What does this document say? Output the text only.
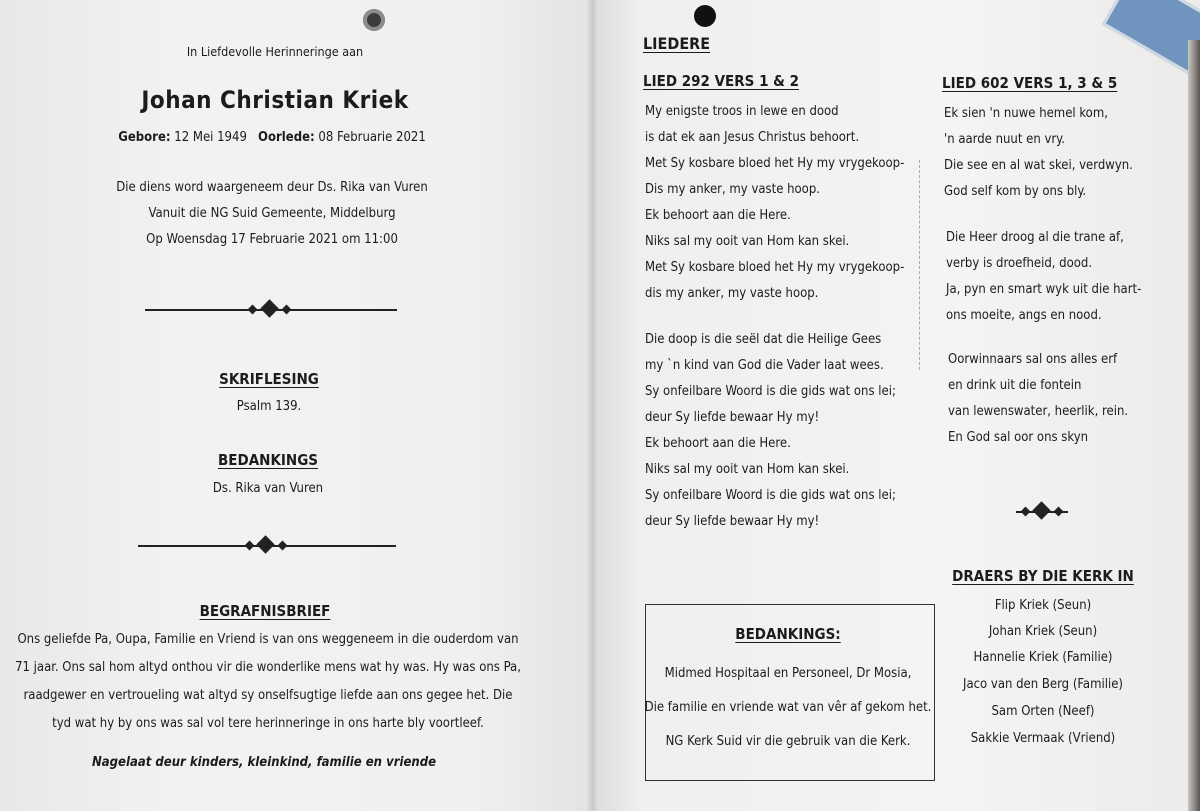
In Liefdevolle Herinneringe aan
Johan Christian Kriek
Gebore: 12 Mei 1949 Oorlede: 08 Februarie 2021
Die diens word waargeneem deur Ds. Rika van Vuren
Vanuit die NG Suid Gemeente, Middelburg
Op Woensdag 17 Februarie 2021 om 11:00
SKRIFLESING
Psalm 139.
BEDANKINGS
Ds. Rika van Vuren
BEGRAFNISBRIEF
Ons geliefde Pa, Oupa, Familie en Vriend is van ons weggeneem in die ouderdom van
71 jaar. Ons sal hom altyd onthou vir die wonderlike mens wat hy was. Hy was ons Pa,
raadgewer en vertroueling wat altyd sy onselfsugtige liefde aan ons gegee het. Die
tyd wat hy by ons was sal vol tere herinneringe in ons harte bly voortleef.
Nagelaat deur kinders, kleinkind, familie en vriende
LIEDERE
LIED 292 VERS 1 & 2
My enigste troos in lewe en dood
is dat ek aan Jesus Christus behoort.
Met Sy kosbare bloed het Hy my vrygekoop-
Dis my anker, my vaste hoop.
Ek behoort aan die Here.
Niks sal my ooit van Hom kan skei.
Met Sy kosbare bloed het Hy my vrygekoop-
dis my anker, my vaste hoop.
Die doop is die seël dat die Heilige Gees
my `n kind van God die Vader laat wees.
Sy onfeilbare Woord is die gids wat ons lei;
deur Sy liefde bewaar Hy my!
Ek behoort aan die Here.
Niks sal my ooit van Hom kan skei.
Sy onfeilbare Woord is die gids wat ons lei;
deur Sy liefde bewaar Hy my!
LIED 602 VERS 1, 3 & 5
Ek sien 'n nuwe hemel kom,
'n aarde nuut en vry.
Die see en al wat skei, verdwyn.
God self kom by ons bly.
Die Heer droog al die trane af,
verby is droefheid, dood.
Ja, pyn en smart wyk uit die hart-
ons moeite, angs en nood.
Oorwinnaars sal ons alles erf
en drink uit die fontein
van lewenswater, heerlik, rein.
En God sal oor ons skyn
BEDANKINGS:
Midmed Hospitaal en Personeel, Dr Mosia,
Die familie en vriende wat van vêr af gekom het.
NG Kerk Suid vir die gebruik van die Kerk.
DRAERS BY DIE KERK IN
Flip Kriek (Seun)
Johan Kriek (Seun)
Hannelie Kriek (Familie)
Jaco van den Berg (Familie)
Sam Orten (Neef)
Sakkie Vermaak (Vriend)
